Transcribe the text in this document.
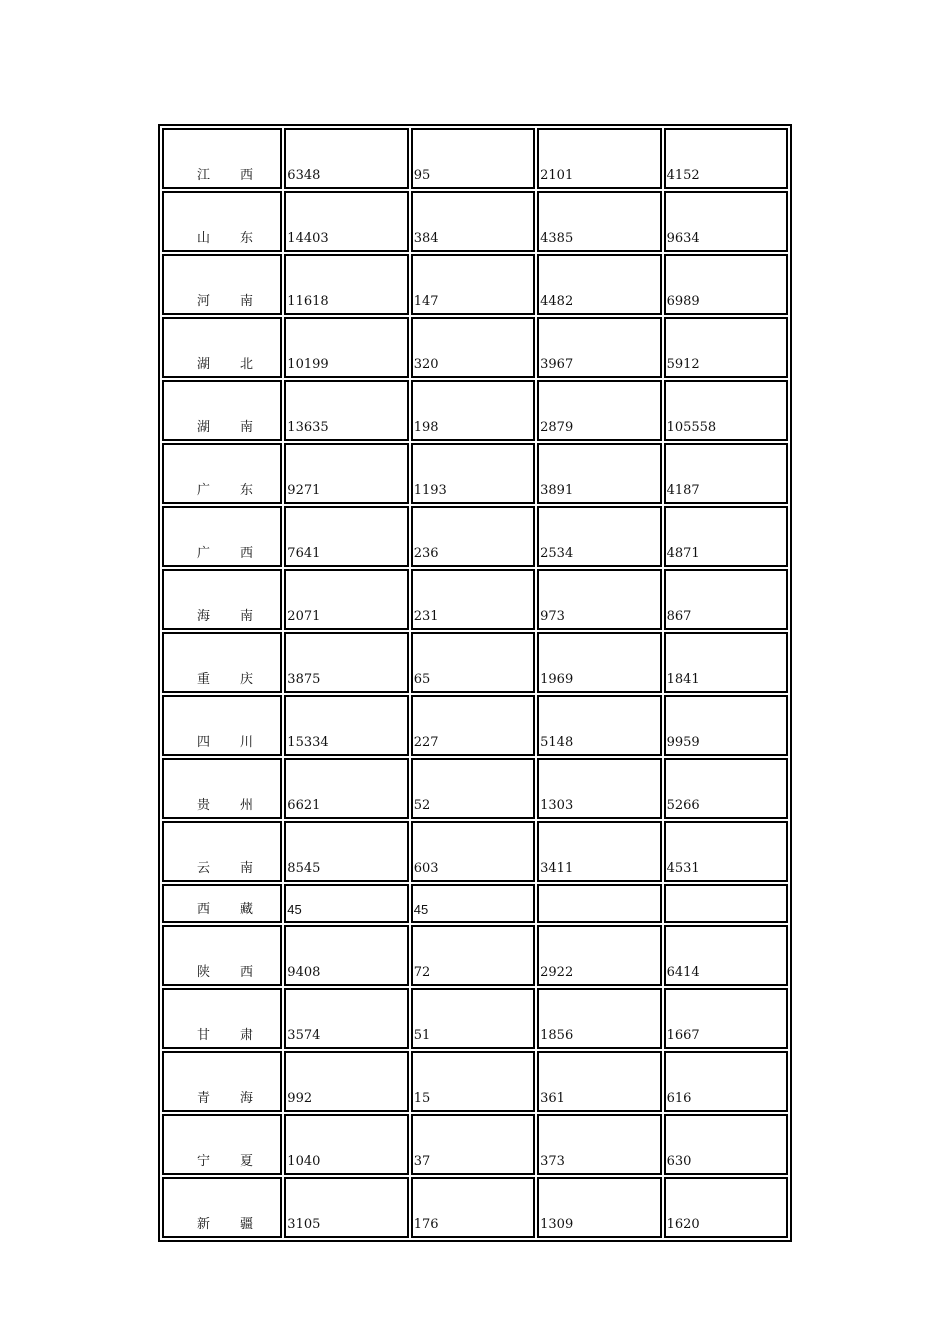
江 西	6348	95	2101	4152
山 东	14403	384	4385	9634
河 南	11618	147	4482	6989
湖 北	10199	320	3967	5912
湖 南	13635	198	2879	105558
广 东	9271	1193	3891	4187
广 西	7641	236	2534	4871
海 南	2071	231	973	867
重 庆	3875	65	1969	1841
四 川	15334	227	5148	9959
贵 州	6621	52	1303	5266
云 南	8545	603	3411	4531
西 藏	45	45		
陕 西	9408	72	2922	6414
甘 肃	3574	51	1856	1667
青 海	992	15	361	616
宁 夏	1040	37	373	630
新 疆	3105	176	1309	1620
